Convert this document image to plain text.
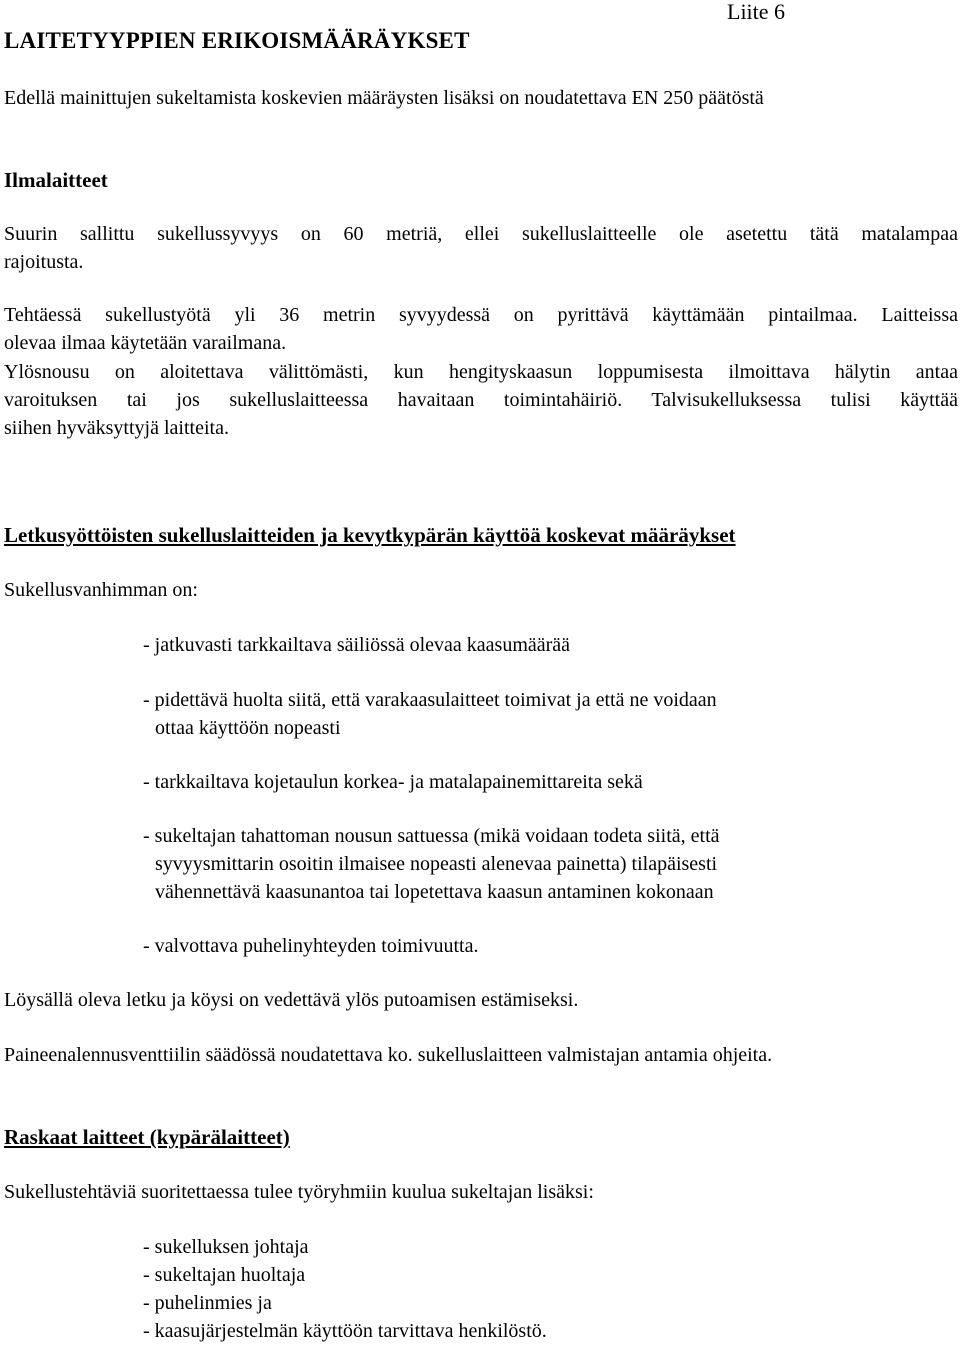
Liite 6
LAITETYYPPIEN ERIKOISMÄÄRÄYKSET
Edellä mainittujen sukeltamista koskevien määräysten lisäksi on noudatettava EN 250 päätöstä
Ilmalaitteet
Suurin sallittu sukellussyvyys on 60 metriä, ellei sukelluslaitteelle ole asetettu tätä matalampaa
rajoitusta.
Tehtäessä sukellustyötä yli 36 metrin syvyydessä on pyrittävä käyttämään pintailmaa. Laitteissa
olevaa ilmaa käytetään varailmana.
Ylösnousu on aloitettava välittömästi, kun hengityskaasun loppumisesta ilmoittava hälytin antaa
varoituksen tai jos sukelluslaitteessa havaitaan toimintahäiriö. Talvisukelluksessa tulisi käyttää
siihen hyväksyttyjä laitteita.
Letkusyöttöisten sukelluslaitteiden ja kevytkypärän käyttöä koskevat määräykset
Sukellusvanhimman on:
- jatkuvasti tarkkailtava säiliössä olevaa kaasumäärää
- pidettävä huolta siitä, että varakaasulaitteet toimivat ja että ne voidaan
ottaa käyttöön nopeasti
- tarkkailtava kojetaulun korkea- ja matalapainemittareita sekä
- sukeltajan tahattoman nousun sattuessa (mikä voidaan todeta siitä, että
syvyysmittarin osoitin ilmaisee nopeasti alenevaa painetta) tilapäisesti
vähennettävä kaasunantoa tai lopetettava kaasun antaminen kokonaan
- valvottava puhelinyhteyden toimivuutta.
Löysällä oleva letku ja köysi on vedettävä ylös putoamisen estämiseksi.
Paineenalennusventtiilin säädössä noudatettava ko. sukelluslaitteen valmistajan antamia ohjeita.
Raskaat laitteet (kypärälaitteet)
Sukellustehtäviä suoritettaessa tulee työryhmiin kuulua sukeltajan lisäksi:
- sukelluksen johtaja
- sukeltajan huoltaja
- puhelinmies ja
- kaasujärjestelmän käyttöön tarvittava henkilöstö.
